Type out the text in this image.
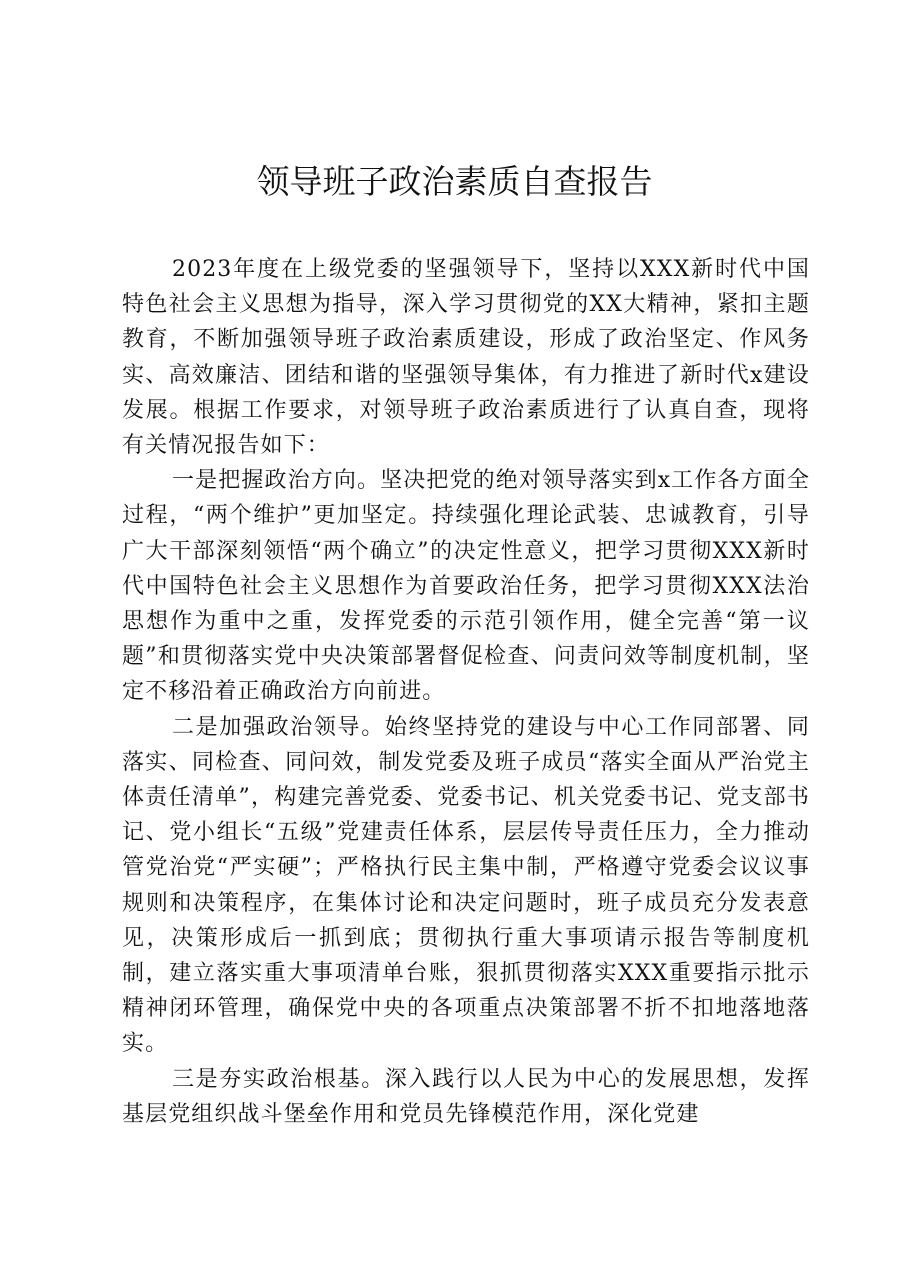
领导班子政治素质自查报告

2023年度在上级党委的坚强领导下，坚持以XXX新时代中国特色社会主义思想为指导，深入学习贯彻党的XX大精神，紧扣主题教育，不断加强领导班子政治素质建设，形成了政治坚定、作风务实、高效廉洁、团结和谐的坚强领导集体，有力推进了新时代x建设发展。根据工作要求，对领导班子政治素质进行了认真自查，现将有关情况报告如下：

一是把握政治方向。坚决把党的绝对领导落实到x工作各方面全过程，“两个维护”更加坚定。持续强化理论武装、忠诚教育，引导广大干部深刻领悟“两个确立”的决定性意义，把学习贯彻XXX新时代中国特色社会主义思想作为首要政治任务，把学习贯彻XXX法治思想作为重中之重，发挥党委的示范引领作用，健全完善“第一议题”和贯彻落实党中央决策部署督促检查、问责问效等制度机制，坚定不移沿着正确政治方向前进。

二是加强政治领导。始终坚持党的建设与中心工作同部署、同落实、同检查、同问效，制发党委及班子成员“落实全面从严治党主体责任清单”，构建完善党委、党委书记、机关党委书记、党支部书记、党小组长“五级”党建责任体系，层层传导责任压力，全力推动管党治党“严实硬”；严格执行民主集中制，严格遵守党委会议议事规则和决策程序，在集体讨论和决定问题时，班子成员充分发表意见，决策形成后一抓到底；贯彻执行重大事项请示报告等制度机制，建立落实重大事项清单台账，狠抓贯彻落实XXX重要指示批示精神闭环管理，确保党中央的各项重点决策部署不折不扣地落地落实。

三是夯实政治根基。深入践行以人民为中心的发展思想，发挥基层党组织战斗堡垒作用和党员先锋模范作用，深化党建
